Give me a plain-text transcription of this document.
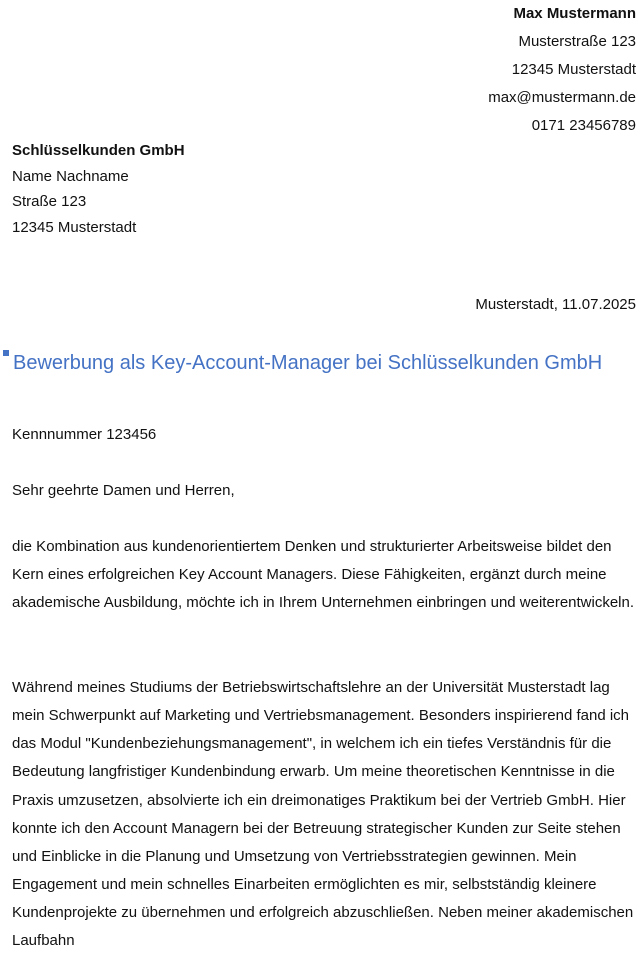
Max Mustermann
Musterstraße 123
12345 Musterstadt
max@mustermann.de
0171 23456789
Schlüsselkunden GmbH
Name Nachname
Straße 123
12345 Musterstadt
Musterstadt, 11.07.2025
Bewerbung als Key-Account-Manager bei Schlüsselkunden GmbH
Kennnummer 123456
Sehr geehrte Damen und Herren,

die Kombination aus kundenorientiertem Denken und strukturierter Arbeitsweise bildet den Kern eines erfolgreichen Key Account Managers. Diese Fähigkeiten, ergänzt durch meine akademische Ausbildung, möchte ich in Ihrem Unternehmen einbringen und weiterentwickeln.

Während meines Studiums der Betriebswirtschaftslehre an der Universität Musterstadt lag mein Schwerpunkt auf Marketing und Vertriebsmanagement. Besonders inspirierend fand ich das Modul "Kundenbeziehungsmanagement", in welchem ich ein tiefes Verständnis für die Bedeutung langfristiger Kundenbindung erwarb. Um meine theoretischen Kenntnisse in die Praxis umzusetzen, absolvierte ich ein dreimonatiges Praktikum bei der Vertrieb GmbH. Hier konnte ich den Account Managern bei der Betreuung strategischer Kunden zur Seite stehen und Einblicke in die Planung und Umsetzung von Vertriebsstrategien gewinnen. Mein Engagement und mein schnelles Einarbeiten ermöglichten es mir, selbstständig kleinere Kundenprojekte zu übernehmen und erfolgreich abzuschließen. Neben meiner akademischen Laufbahn
